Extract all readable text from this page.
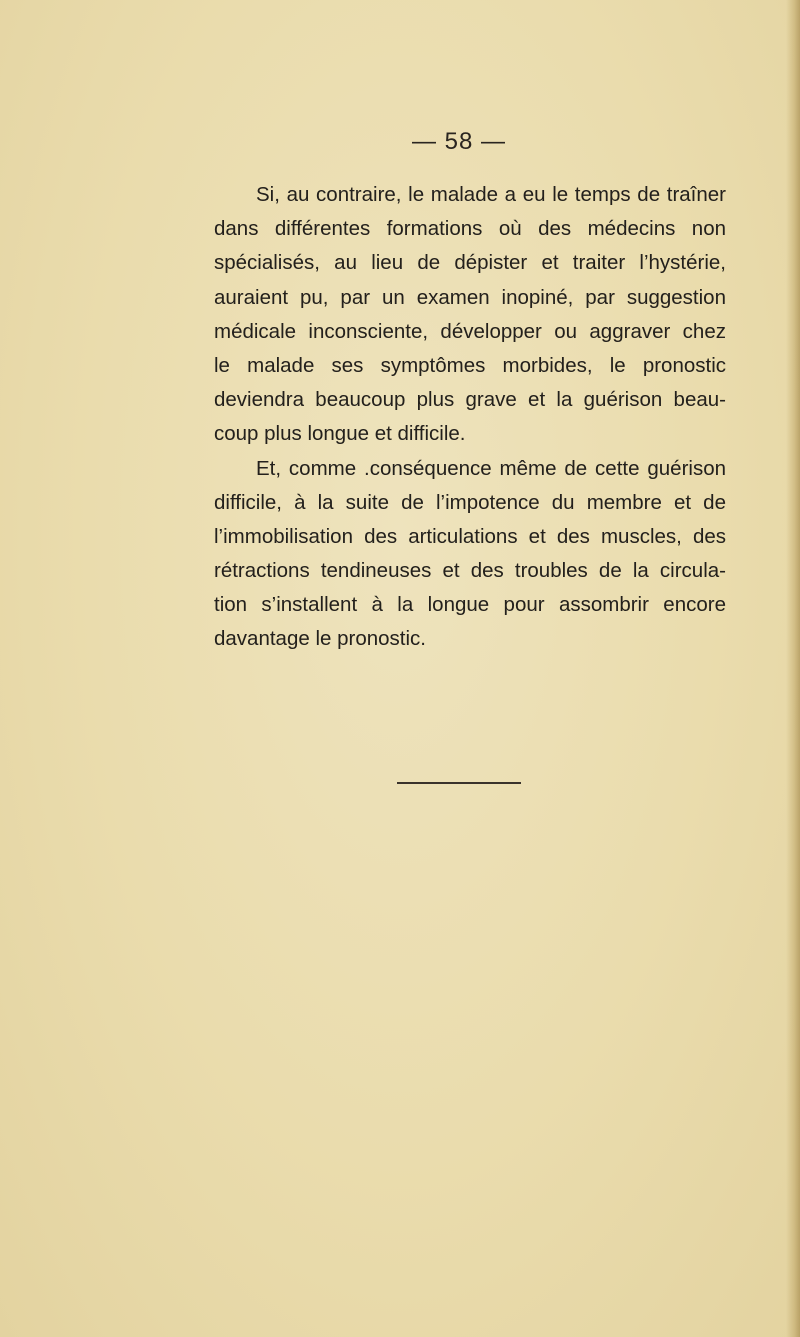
— 58 —
Si, au contraire, le malade a eu le temps de traîner
dans différentes formations où des médecins non
spécialisés, au lieu de dépister et traiter l’hystérie,
auraient pu, par un examen inopiné, par suggestion
médicale inconsciente, développer ou aggraver chez
le malade ses symptômes morbides, le pronostic
deviendra beaucoup plus grave et la guérison beau-
coup plus longue et difficile.
Et, comme .conséquence même de cette guérison
difficile, à la suite de l’impotence du membre et de
l’immobilisation des articulations et des muscles, des
rétractions tendineuses et des troubles de la circula-
tion s’installent à la longue pour assombrir encore
davantage le pronostic.
